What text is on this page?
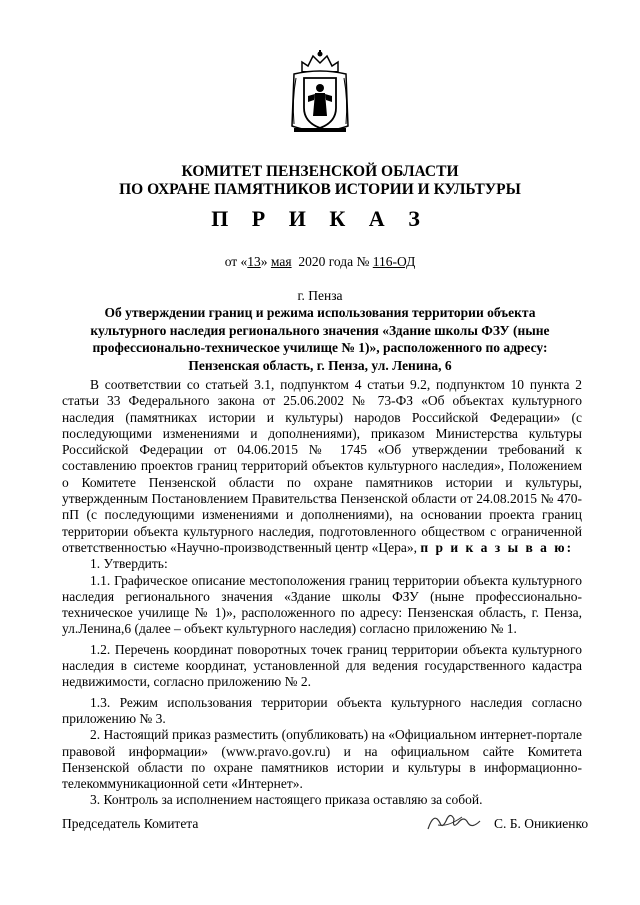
КОМИТЕТ ПЕНЗЕНСКОЙ ОБЛАСТИ
ПО ОХРАНЕ ПАМЯТНИКОВ ИСТОРИИ И КУЛЬТУРЫ
П Р И К А З
от «13» мая  2020 года № 116-ОД
г. Пенза
Об утверждении границ и режима использования территории объекта культурного наследия регионального значения «Здание школы ФЗУ (ныне профессионально-техническое училище № 1)», расположенного по адресу: Пензенская область, г. Пенза, ул. Ленина, 6

В соответствии со статьей 3.1, подпунктом 4 статьи 9.2, подпунктом 10 пункта 2 статьи 33 Федерального закона от 25.06.2002 № 73-ФЗ «Об объектах культурного наследия (памятниках истории и культуры) народов Российской Федерации» (с последующими изменениями и дополнениями), приказом Министерства культуры Российской Федерации от 04.06.2015 № 1745 «Об утверждении требований к составлению проектов границ территорий объектов культурного наследия», Положением о Комитете Пензенской области по охране памятников истории и культуры, утвержденным Постановлением Правительства Пензенской области от 24.08.2015 № 470-пП (с последующими изменениями и дополнениями), на основании проекта границ территории объекта культурного наследия, подготовленного обществом с ограниченной ответственностью «Научно-производственный центр «Цера», п р и к а з ы в а ю:

1. Утвердить:

1.1. Графическое описание местоположения границ территории объекта культурного наследия регионального значения «Здание школы ФЗУ (ныне профессионально-техническое училище № 1)», расположенного по адресу: Пензенская область, г. Пенза, ул.Ленина,6 (далее – объект культурного наследия) согласно приложению № 1.

1.2. Перечень координат поворотных точек границ территории объекта культурного наследия в системе координат, установленной для ведения государственного кадастра недвижимости, согласно приложению № 2.

1.3. Режим использования территории объекта культурного наследия согласно приложению № 3.

2. Настоящий приказ разместить (опубликовать) на «Официальном интернет-портале правовой информации» (www.pravo.gov.ru) и на официальном сайте Комитета Пензенской области по охране памятников истории и культуры в информационно-телекоммуникационной сети «Интернет».

3. Контроль за исполнением настоящего приказа оставляю за собой.

Председатель Комитета	С. Б. Оникиенко
